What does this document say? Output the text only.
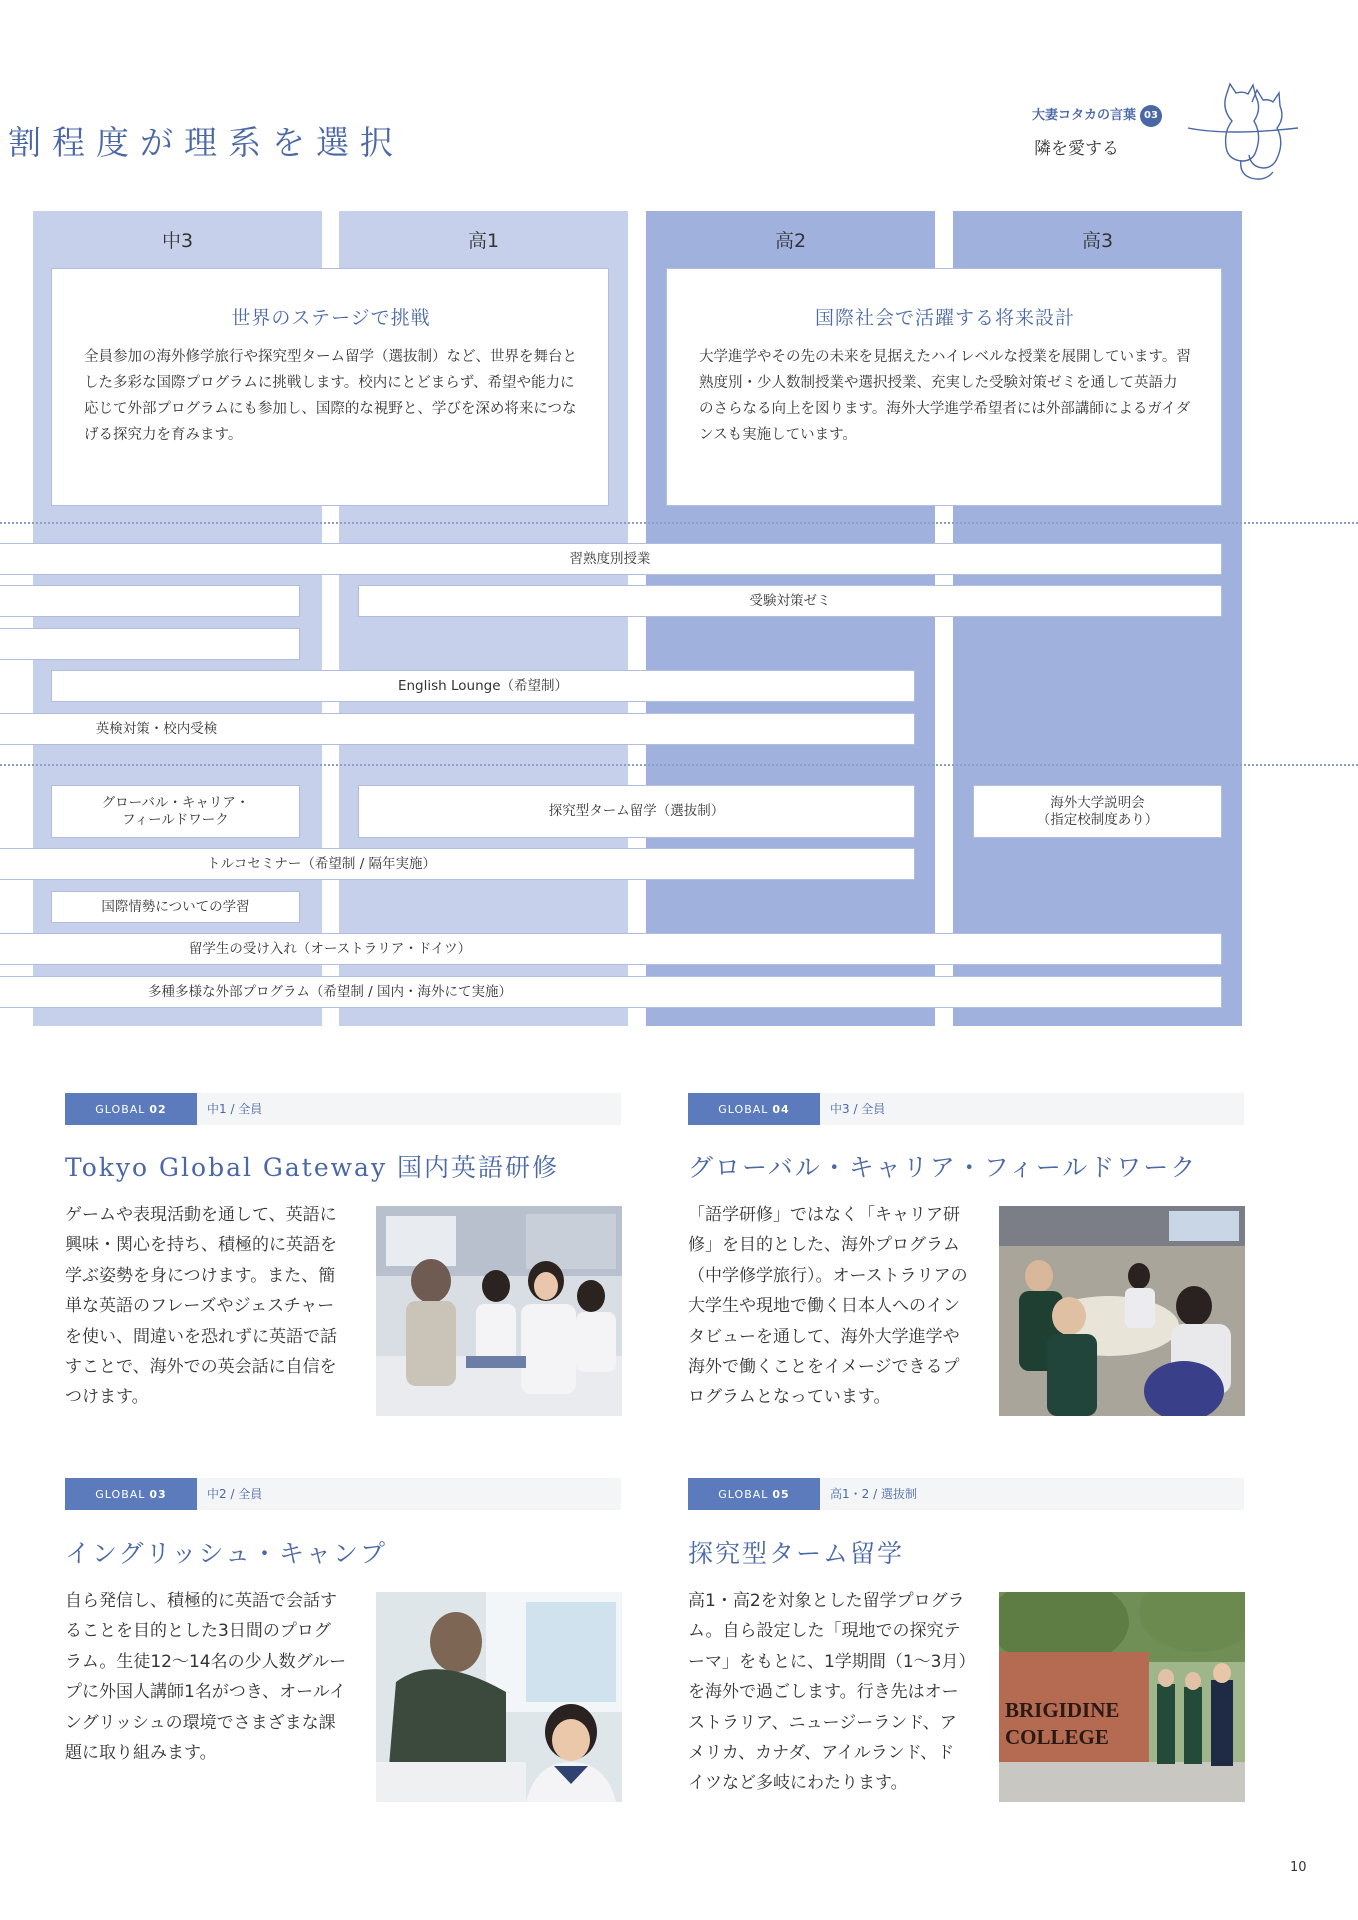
割程度が理系を選択
大妻コタカの言葉 03
隣を愛する
中3	高1	高2	高3
世界のステージで挑戦
全員参加の海外修学旅行や探究型ターム留学（選抜制）など、世界を舞台とした多彩な国際プログラムに挑戦します。校内にとどまらず、希望や能力に応じて外部プログラムにも参加し、国際的な視野と、学びを深め将来につなげる探究力を育みます。
国際社会で活躍する将来設計
大学進学やその先の未来を見据えたハイレベルな授業を展開しています。習熟度別・少人数制授業や選択授業、充実した受験対策ゼミを通して英語力のさらなる向上を図ります。海外大学進学希望者には外部講師によるガイダンスも実施しています。
習熟度別授業
受験対策ゼミ
English Lounge（希望制）
英検対策・校内受検
グローバル・キャリア・
フィールドワーク
探究型ターム留学（選抜制）
海外大学説明会
（指定校制度あり）
トルコセミナー（希望制 / 隔年実施）
国際情勢についての学習
留学生の受け入れ（オーストラリア・ドイツ）
多種多様な外部プログラム（希望制 / 国内・海外にて実施）
GLOBAL 02	中1 / 全員
Tokyo Global Gateway 国内英語研修
ゲームや表現活動を通して、英語に興味・関心を持ち、積極的に英語を学ぶ姿勢を身につけます。また、簡単な英語のフレーズやジェスチャーを使い、間違いを恐れずに英語で話すことで、海外での英会話に自信をつけます。
GLOBAL 04	中3 / 全員
グローバル・キャリア・フィールドワーク
「語学研修」ではなく「キャリア研修」を目的とした、海外プログラム（中学修学旅行）。オーストラリアの大学生や現地で働く日本人へのインタビューを通して、海外大学進学や海外で働くことをイメージできるプログラムとなっています。
GLOBAL 03	中2 / 全員
イングリッシュ・キャンプ
自ら発信し、積極的に英語で会話することを目的とした3日間のプログラム。生徒12～14名の少人数グループに外国人講師1名がつき、オールイングリッシュの環境でさまざまな課題に取り組みます。
GLOBAL 05	高1・2 / 選抜制
探究型ターム留学
高1・高2を対象とした留学プログラム。自ら設定した「現地での探究テーマ」をもとに、1学期間（1～3月）を海外で過ごします。行き先はオーストラリア、ニュージーランド、アメリカ、カナダ、アイルランド、ドイツなど多岐にわたります。
BRIGIDINE
COLLEGE
10
